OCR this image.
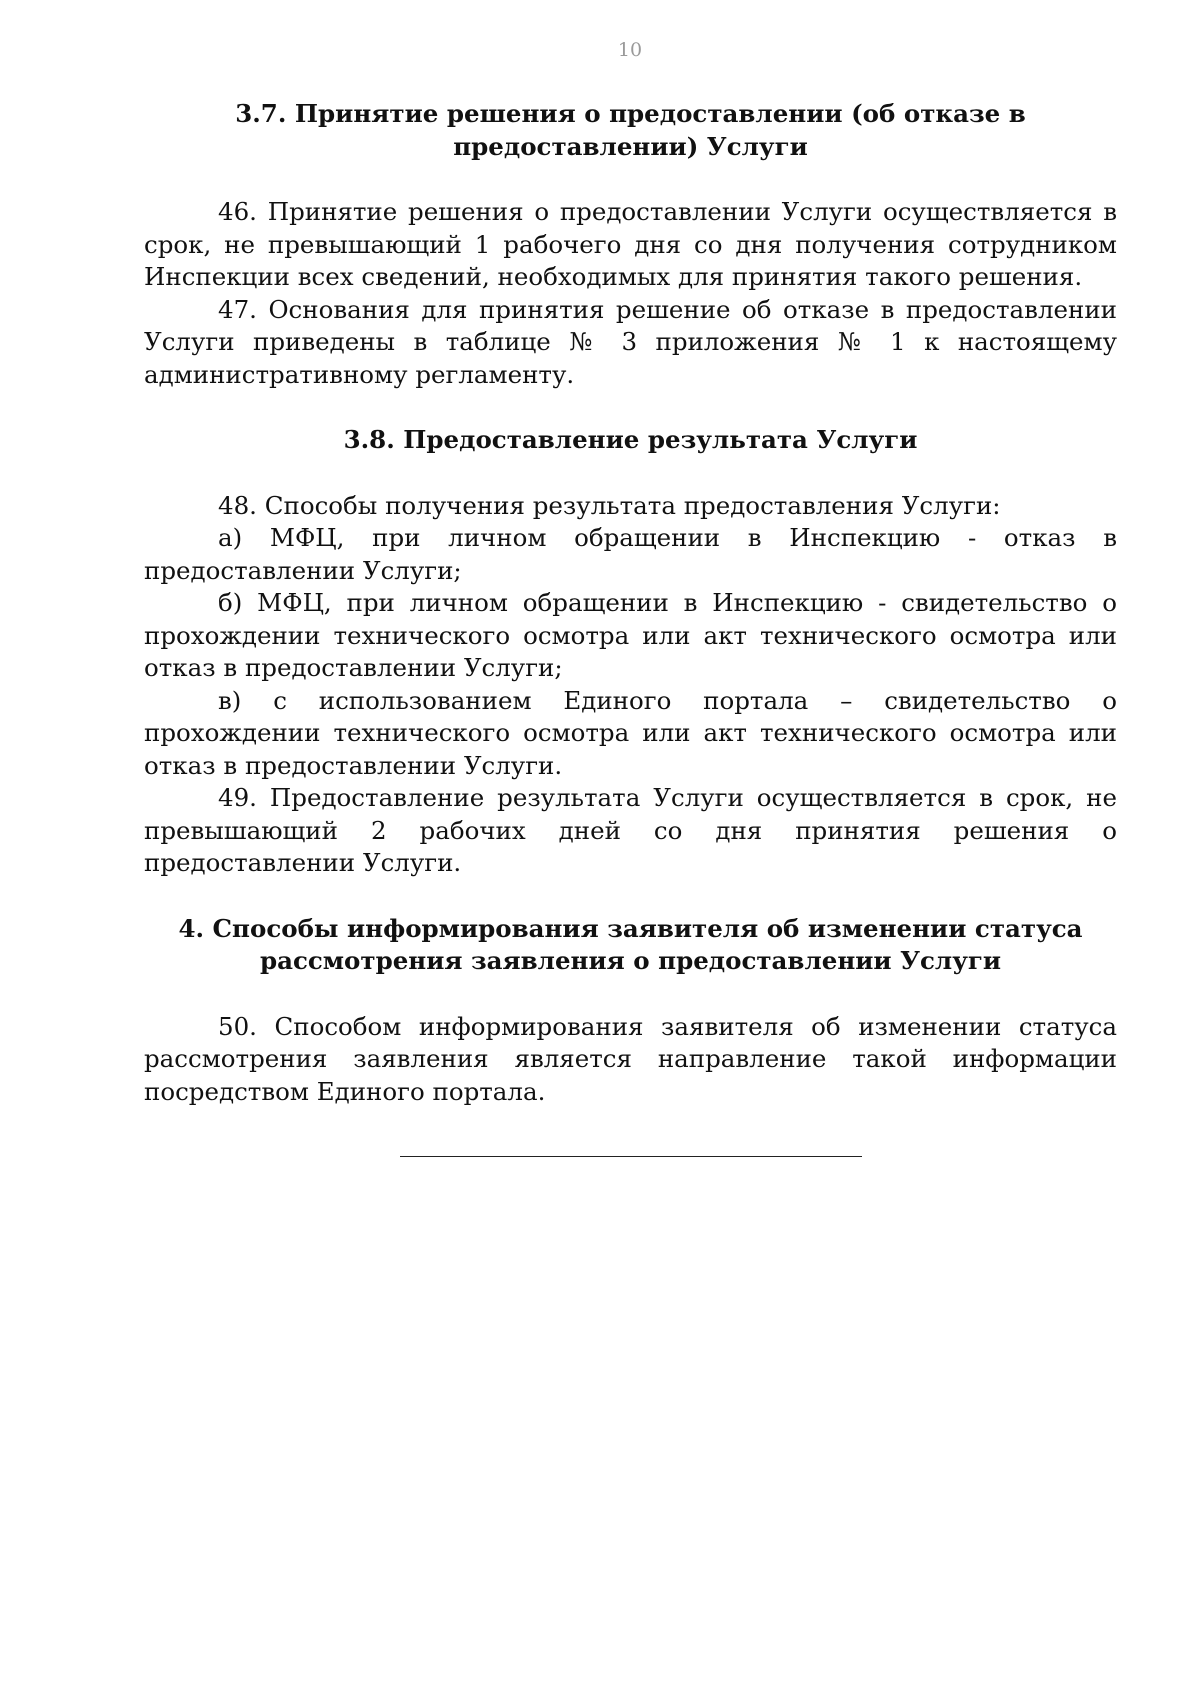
10
3.7. Принятие решения о предоставлении (об отказе в
предоставлении) Услуги

46. Принятие решения о предоставлении Услуги осуществляется в срок, не превышающий 1 рабочего дня со дня получения сотрудником Инспекции всех сведений, необходимых для принятия такого решения.

47. Основания для принятия решение об отказе в предоставлении Услуги приведены в таблице № 3 приложения № 1 к настоящему административному регламенту.

3.8. Предоставление результата Услуги

48. Способы получения результата предоставления Услуги:

а) МФЦ, при личном обращении в Инспекцию - отказ в предоставлении Услуги;

б) МФЦ, при личном обращении в Инспекцию - свидетельство о прохождении технического осмотра или акт технического осмотра или отказ в предоставлении Услуги;

в) с использованием Единого портала – свидетельство о прохождении технического осмотра или акт технического осмотра или отказ в предоставлении Услуги.

49. Предоставление результата Услуги осуществляется в срок, не превышающий 2 рабочих дней со дня принятия решения о предоставлении Услуги.

4. Способы информирования заявителя об изменении статуса
рассмотрения заявления о предоставлении Услуги

50. Способом информирования заявителя об изменении статуса рассмотрения заявления является направление такой информации посредством Единого портала.
